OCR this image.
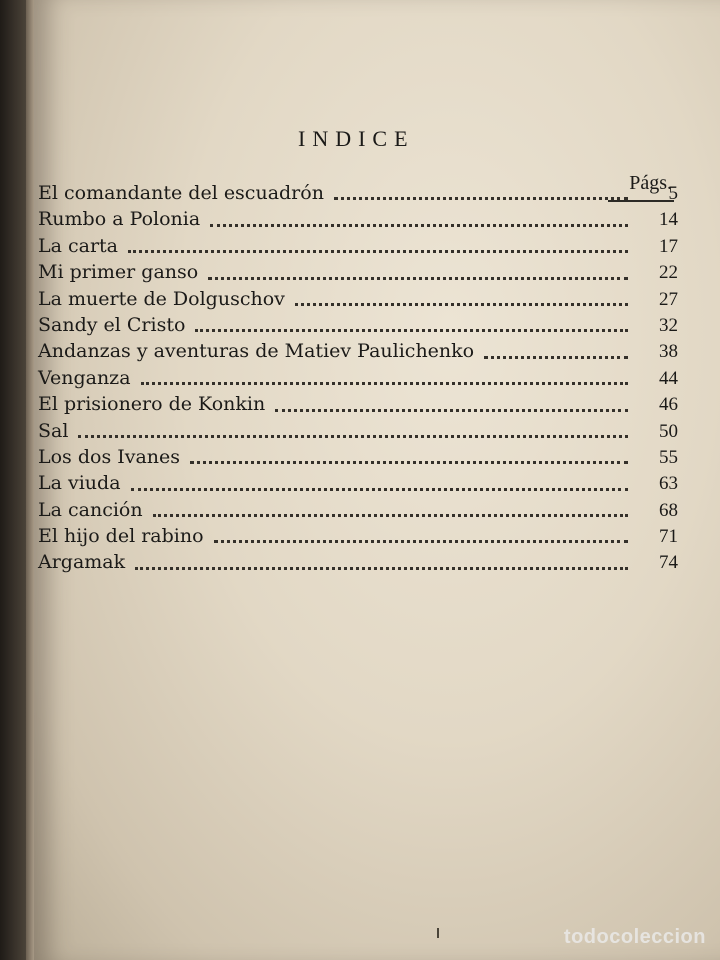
INDICE
Págs.
El comandante del escuadrón	5
Rumbo a Polonia	14
La carta	17
Mi primer ganso	22
La muerte de Dolguschov	27
Sandy el Cristo	32
Andanzas y aventuras de Matiev Paulichenko	38
Venganza	44
El prisionero de Konkin	46
Sal	50
Los dos Ivanes	55
La viuda	63
La canción	68
El hijo del rabino	71
Argamak	74
todocoleccion
